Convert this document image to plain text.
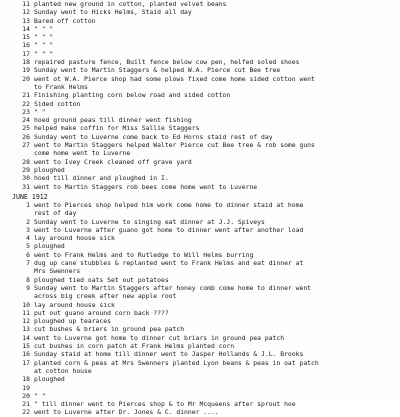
11 planted new ground in cotton, planted velvet beans
12 Sunday went to Hicks Helms, Staid all day
13 Bared off cotton
14 " " "
15 " " "
16 " " "
17 " " "
18 repaired pasture fence, Built fence below cow pen, helfed soled shoes
19 Sunday went to Martin Staggers & helped W.A. Pierce cut Bee tree
20 went ot W.A. Pierce shop had some plows fixed come home sided cotton went
to Frank Helms
21 Finishing planting corn below road and sided cotton
22 Sided cotton
23 " "
24 hoed ground peas till dinner went fishing
25 helped make coffin for Miss Sallie Staggers
26 Sunday went to Luverne come back to Ed Horns staid rest of day
27 went to Martin Staggers helped Walter Pierce cut Bee tree & rob some guns
come home went to Luverne
28 went to Ivey Creek cleaned off grave yard
29 ploughed
30 hoed till dinner and ploughed in I.
31 went to Martin Staggers rob bees come home went to Luverne
JUNE 1912
1 went to Pierces shop helped him work come home to dinner staid at home
rest of day
2 Sunday went to Luverne to singing eat dinner at J.J. Spiveys
3 went to Luverne after guano got home to dinner went after another load
4 lay around house sick
5 ploughed
6 went to Frank Helms and to Rutledge to Will Helms burring
7 dug up cane stubbles & replanted went to Frank Helms and eat dinner at
Mrs Swenners
8 ploughed tied oats Set out potatoes
9 Sunday went to Martin Staggers after honey comb come home to dinner went
across big creek after new apple root
10 lay around house sick
11 put out guano around corn back ????
12 ploughed up tearaces
13 cut bushes & briers in ground pea patch
14 went to Luverne got home to dinner cut briars in ground pea patch
15 cut bushes in corn patch at Frank Helms planted corn
16 Sunday staid at home till dinner went to Jasper Hollands & J.L. Brooks
17 planted corn & peas at Mrs Swenners planted Lyon beans & peas in oat patch
at cotton house
18 ploughed
19
20 " "
21 " till dinner went to Pierces shop & to Mr Mcqueens after sprout hoe
22 went to Luverne after Dr. Jones & C. dinner ....
